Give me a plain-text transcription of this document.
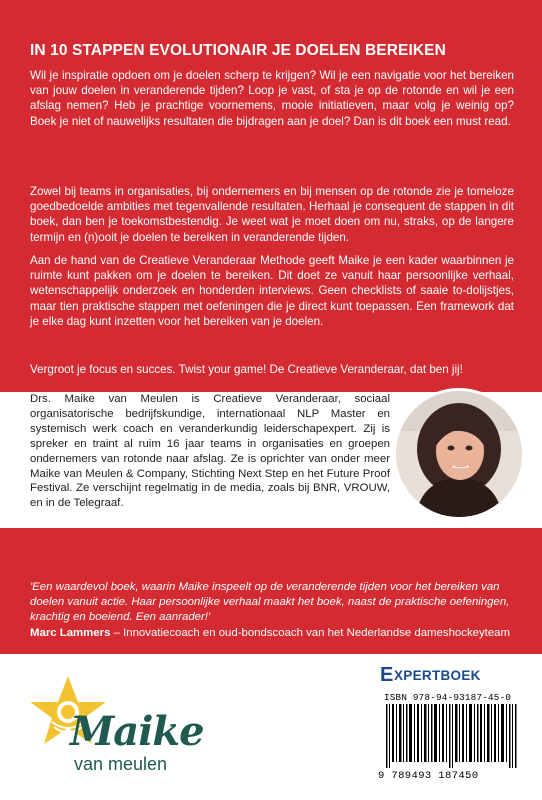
IN 10 STAPPEN EVOLUTIONAIR JE DOELEN BEREIKEN

Wil je inspiratie opdoen om je doelen scherp te krijgen? Wil je een navigatie voor het bereiken van jouw doelen in veranderende tijden? Loop je vast, of sta je op de rotonde en wil je een afslag nemen? Heb je prachtige voornemens, mooie initiatieven, maar volg je weinig op? Boek je niet of nauwelijks resultaten die bijdragen aan je doel? Dan is dit boek een must read.

Zowel bij teams in organisaties, bij ondernemers en bij mensen op de rotonde zie je tomeloze goedbedoelde ambities met tegenvallende resultaten. Herhaal je consequent de stappen in dit boek, dan ben je toekomstbestendig. Je weet wat je moet doen om nu, straks, op de langere termijn en (n)ooit je doelen te bereiken in veranderende tijden.

Aan de hand van de Creatieve Veranderaar Methode geeft Maike je een kader waarbinnen je ruimte kunt pakken om je doelen te bereiken. Dit doet ze vanuit haar persoonlijke verhaal, wetenschappelijk onderzoek en honderden interviews. Geen checklists of saaie to-dolijstjes, maar tien praktische stappen met oefeningen die je direct kunt toepassen. Een framework dat je elke dag kunt inzetten voor het bereiken van je doelen.

Vergroot je focus en succes. Twist your game! De Creatieve Veranderaar, dat ben jij!

Drs. Maike van Meulen is Creatieve Veranderaar, sociaal organisatorische bedrijfskundige, internationaal NLP Master en systemisch werk coach en veranderkundig leiderschapexpert. Zij is spreker en traint al ruim 16 jaar teams in organisaties en groepen ondernemers van rotonde naar afslag. Ze is oprichter van onder meer Maike van Meulen & Company, Stichting Next Step en het Future Proof Festival. Ze verschijnt regelmatig in de media, zoals bij BNR, VROUW, en in de Telegraaf.

'Een waardevol boek, waarin Maike inspeelt op de veranderende tijden voor het bereiken van doelen vanuit actie. Haar persoonlijke verhaal maakt het boek, naast de praktische oefeningen, krachtig en boeiend. Een aanrader!'

Marc Lammers – Innovatiecoach en oud-bondscoach van het Nederlandse dameshockeyteam

Maike
van meulen
E XPERTBOEK
ISBN 978-94-93187-45-0
9 789493 187450
